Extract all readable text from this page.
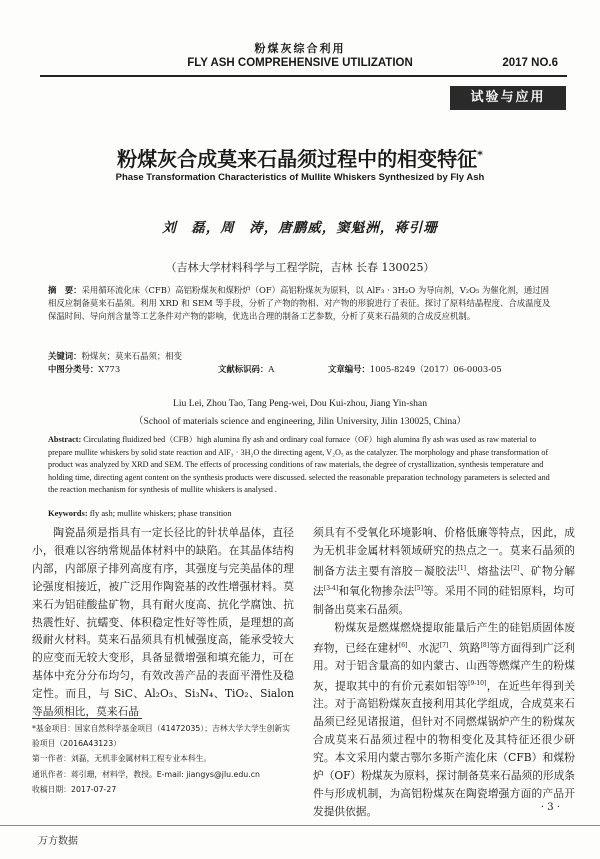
粉煤灰综合利用
FLY ASH COMPREHENSIVE UTILIZATION	2017 NO.6
试验与应用
粉煤灰合成莫来石晶须过程中的相变特征*
Phase Transformation Characteristics of Mullite Whiskers Synthesized by Fly Ash
刘　磊，周　涛，唐鹏威，窦魁洲，蒋引珊
（吉林大学材料科学与工程学院，吉林 长春 130025）
摘　要：采用循环流化床（CFB）高铝粉煤灰和煤粉炉（OF）高铝粉煤灰为原料，以 AlF₃ · 3H₂O 为导向剂，V₂O₅ 为催化剂，通过固相反应制备莫来石晶须。利用 XRD 和 SEM 等手段，分析了产物的物相、对产物的形貌进行了表征。探讨了原料结晶程度、合成温度及保温时间、导向剂含量等工艺条件对产物的影响，优选出合理的制备工艺参数，分析了莫来石晶须的合成反应机制。
关键词：粉煤灰；莫来石晶须；相变
中图分类号：X773	文献标识码：A	文章编号：1005-8249（2017）06-0003-05
Liu Lei, Zhou Tao, Tang Peng-wei, Dou Kui-zhou, Jiang Yin-shan
（School of materials science and engineering, Jilin University, Jilin 130025, China）
Abstract: Circulating fluidized bed（CFB）high alumina fly ash and ordinary coal furnace（OF）high alumina fly ash was used as raw material to prepare mullite whiskers by solid state reaction and AlF₃ · 3H₂O the directing agent, V₂O₅ as the catalyzer. The morphology and phase transformation of product was analyzed by XRD and SEM. The effects of processing conditions of raw materials, the degree of crystallization, synthesis temperature and holding time, directing agent content on the synthesis products were discussed. selected the reasonable preparation technology parameters is selected and the reaction mechanism for synthesis of mullite whiskers is analysed .
Keywords: fly ash; mullite whiskers; phase transition

陶瓷晶须是指具有一定长径比的针状单晶体，直径小，很难以容纳常规晶体材料中的缺陷。在其晶体结构内部，内部原子排列高度有序，其强度与完美晶体的理论强度相接近，被广泛用作陶瓷基的改性增强材料。莫来石为铝硅酸盐矿物，具有耐火度高、抗化学腐蚀、抗热震性好、抗蠕变、体积稳定性好等性质，是理想的高级耐火材料。莫来石晶须具有机械强度高，能承受较大的应变而无较大变形，具备显微增强和填充能力，可在基体中充分分布均匀，有效改善产品的表面平滑性及稳定性。而且，与 SiC、Al₂O₃、Si₃N₄、TiO₂、Sialon 等晶须相比，莫来石晶

须具有不受氧化环境影响、价格低廉等特点，因此，成为无机非金属材料领域研究的热点之一。莫来石晶须的制备方法主要有溶胶－凝胶法[1]、熔盐法[2]、矿物分解法[3-4]和氧化物掺杂法[5]等。采用不同的硅铝原料，均可制备出莫来石晶须。

粉煤灰是燃煤燃烧提取能量后产生的硅铝质固体废弃物，已经在建材[6]、水泥[7]、筑路[8]等方面得到广泛利用。对于铝含量高的如内蒙古、山西等燃煤产生的粉煤灰，提取其中的有价元素如铝等[9-10]，在近些年得到关注。对于高铝粉煤灰直接利用其化学组成，合成莫来石晶须已经见诸报道，但针对不同燃煤锅炉产生的粉煤灰合成莫来石晶须过程中的物相变化及其特征还很少研究。本文采用内蒙古鄂尔多斯产流化床（CFB）和煤粉炉（OF）粉煤灰为原料，探讨制备莫来石晶须的形成条件与形成机制，为高铝粉煤灰在陶瓷增强方面的产品开发提供依据。

*基金项目：国家自然科学基金项目（41472035）；吉林大学大学生创新实验项目（2016A43123）
第一作者：刘磊，无机非金属材料工程专业本科生。
通讯作者：蒋引珊，材料学，教授。E-mail: jiangys@jlu.edu.cn
收稿日期：2017-07-27
· 3 ·
万方数据
